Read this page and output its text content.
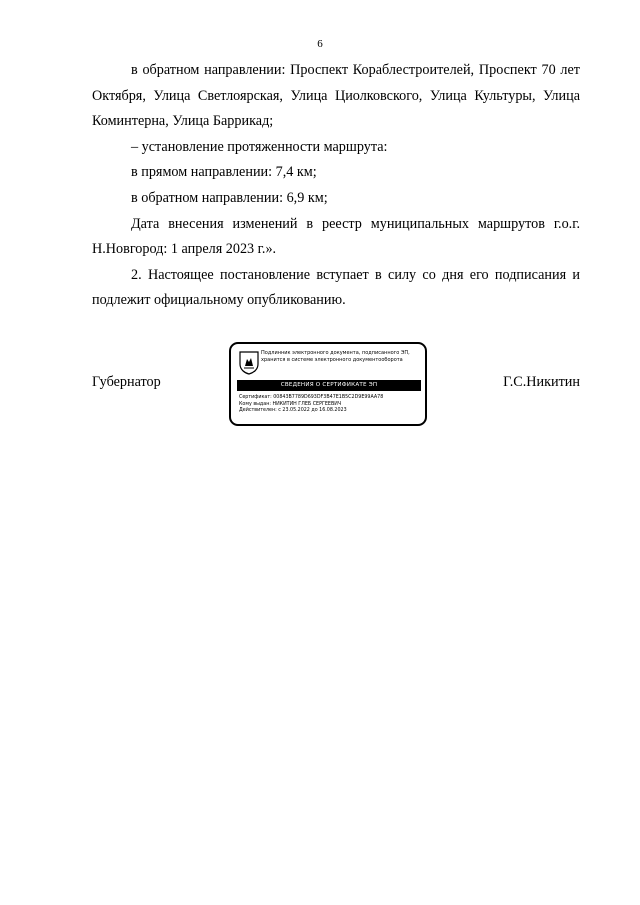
6

в обратном направлении: Проспект Кораблестроителей, Проспект 70 лет Октября, Улица Светлоярская, Улица Циолковского, Улица Культуры, Улица Коминтерна, Улица Баррикад;

– установление протяженности маршрута:

в прямом направлении: 7,4 км;

в обратном направлении: 6,9 км;

Дата внесения изменений в реестр муниципальных маршрутов г.о.г. Н.Новгород: 1 апреля 2023 г.».

2. Настоящее постановление вступает в силу со дня его подписания и подлежит официальному опубликованию.

Губернатор
Подлинник электронного документа, подписанного ЭП,
хранится в системе электронного документооборота
СВЕДЕНИЯ О СЕРТИФИКАТЕ ЭП
Сертификат: 00843B7789D693DF3B47E1B5C2D9E99AA78
Кому выдан: НИКИТИН ГЛЕБ СЕРГЕЕВИЧ
Действителен: с 23.05.2022 до 16.08.2023
Г.С.Никитин
